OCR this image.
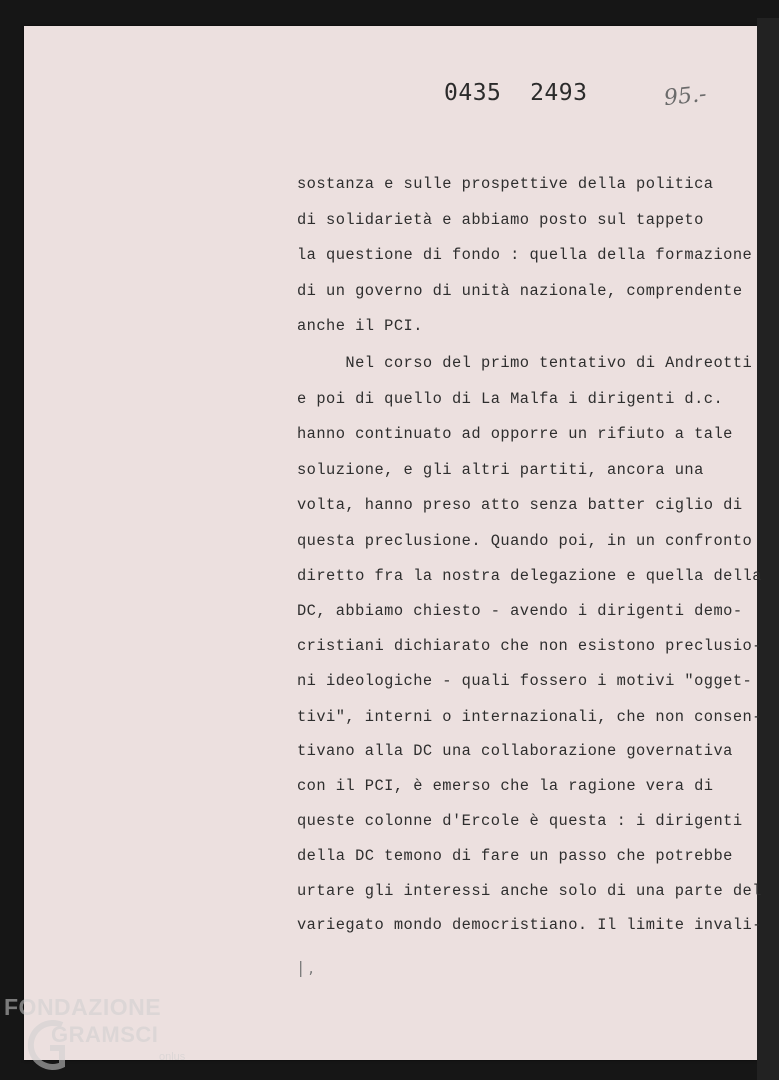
0435  2493	95.-
sostanza e sulle prospettive della politica
di solidarietà e abbiamo posto sul tappeto
la questione di fondo : quella della formazione
di un governo di unità nazionale, comprendente
anche il PCI.
Nel corso del primo tentativo di Andreotti
e poi di quello di La Malfa i dirigenti d.c.
hanno continuato ad opporre un rifiuto a tale
soluzione, e gli altri partiti, ancora una
volta, hanno preso atto senza batter ciglio di
questa preclusione. Quando poi, in un confronto
diretto fra la nostra delegazione e quella della
DC, abbiamo chiesto - avendo i dirigenti demo-
cristiani dichiarato che non esistono preclusio-
ni ideologiche - quali fossero i motivi "ogget-
tivi", interni o internazionali, che non consen-
tivano alla DC una collaborazione governativa
con il PCI, è emerso che la ragione vera di
queste colonne d'Ercole è questa : i dirigenti
della DC temono di fare un passo che potrebbe
urtare gli interessi anche solo di una parte del
variegato mondo democristiano. Il limite invali-
| ,
FONDAZIONE
GRAMSCI
onlus
